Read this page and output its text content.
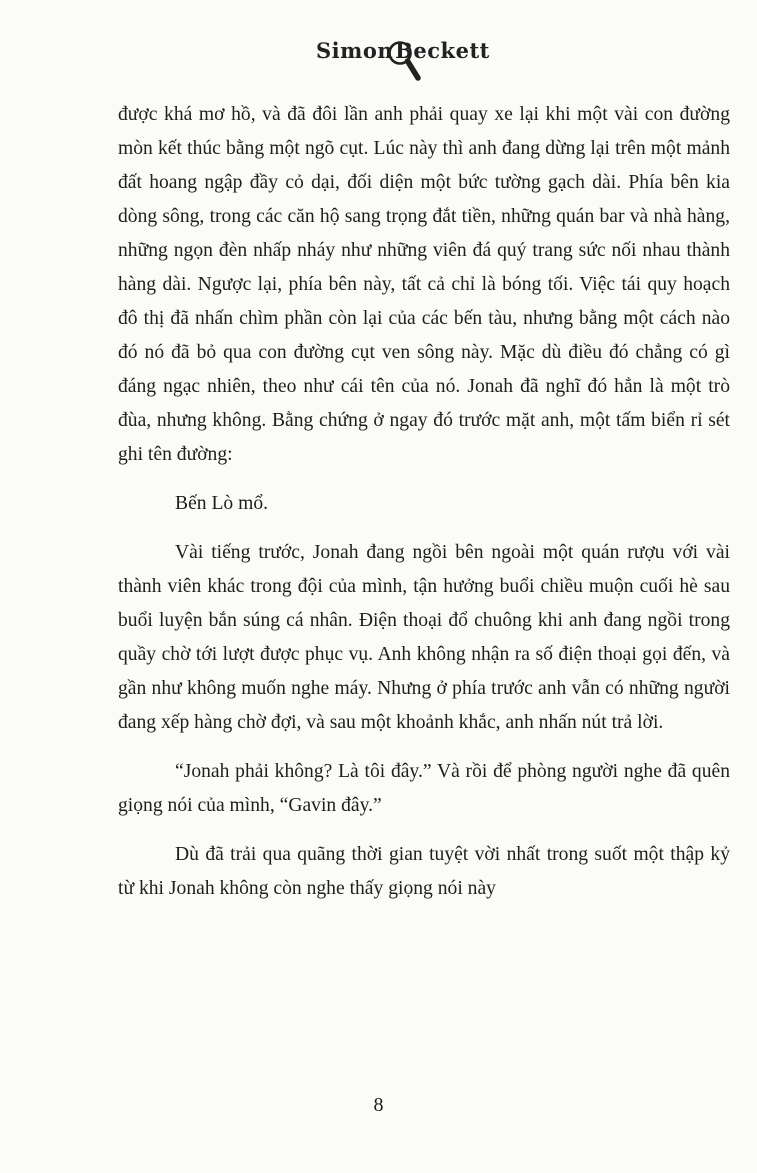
SimonBeckett

được khá mơ hồ, và đã đôi lần anh phải quay xe lại khi một vài con đường mòn kết thúc bằng một ngõ cụt. Lúc này thì anh đang dừng lại trên một mảnh đất hoang ngập đầy cỏ dại, đối diện một bức tường gạch dài. Phía bên kia dòng sông, trong các căn hộ sang trọng đắt tiền, những quán bar và nhà hàng, những ngọn đèn nhấp nháy như những viên đá quý trang sức nối nhau thành hàng dài. Ngược lại, phía bên này, tất cả chỉ là bóng tối. Việc tái quy hoạch đô thị đã nhấn chìm phần còn lại của các bến tàu, nhưng bằng một cách nào đó nó đã bỏ qua con đường cụt ven sông này. Mặc dù điều đó chẳng có gì đáng ngạc nhiên, theo như cái tên của nó. Jonah đã nghĩ đó hẳn là một trò đùa, nhưng không. Bằng chứng ở ngay đó trước mặt anh, một tấm biển rỉ sét ghi tên đường:

Bến Lò mổ.

Vài tiếng trước, Jonah đang ngồi bên ngoài một quán rượu với vài thành viên khác trong đội của mình, tận hưởng buổi chiều muộn cuối hè sau buổi luyện bắn súng cá nhân. Điện thoại đổ chuông khi anh đang ngồi trong quầy chờ tới lượt được phục vụ. Anh không nhận ra số điện thoại gọi đến, và gần như không muốn nghe máy. Nhưng ở phía trước anh vẫn có những người đang xếp hàng chờ đợi, và sau một khoảnh khắc, anh nhấn nút trả lời.

“Jonah phải không? Là tôi đây.” Và rồi để phòng người nghe đã quên giọng nói của mình, “Gavin đây.”

Dù đã trải qua quãng thời gian tuyệt vời nhất trong suốt một thập kỷ từ khi Jonah không còn nghe thấy giọng nói này

8
